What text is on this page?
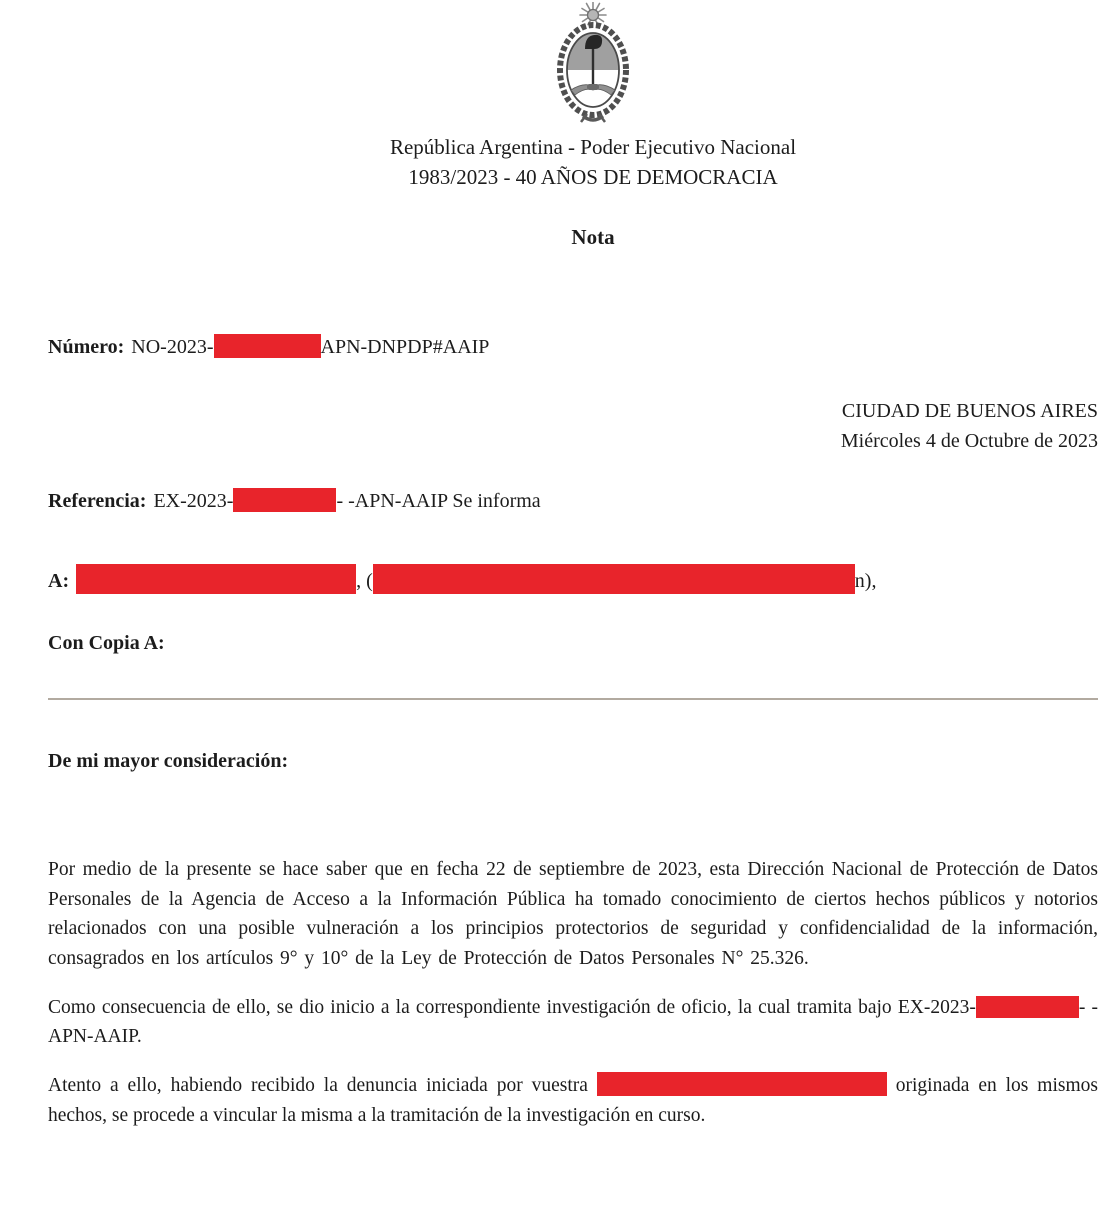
República Argentina - Poder Ejecutivo Nacional
1983/2023 - 40 AÑOS DE DEMOCRACIA
Nota
Número: NO-2023-	APN-DNPDP#AAIP
CIUDAD DE BUENOS AIRES
Miércoles 4 de Octubre de 2023
Referencia: EX-2023-	- -APN-AAIP Se informa
A:	, (	n),
Con Copia A:
De mi mayor consideración:

Por medio de la presente se hace saber que en fecha 22 de septiembre de 2023, esta Dirección Nacional de Protección de Datos Personales de la Agencia de Acceso a la Información Pública ha tomado conocimiento de ciertos hechos públicos y notorios relacionados con una posible vulneración a los principios protectorios de seguridad y confidencialidad de la información, consagrados en los artículos 9° y 10° de la Ley de Protección de Datos Personales N° 25.326.

Como consecuencia de ello, se dio inicio a la correspondiente investigación de oficio, la cual tramita bajo EX-2023-	- -APN-AAIP.

Atento a ello, habiendo recibido la denuncia iniciada por vuestra	originada en los mismos hechos, se procede a vincular la misma a la tramitación de la investigación en curso.
